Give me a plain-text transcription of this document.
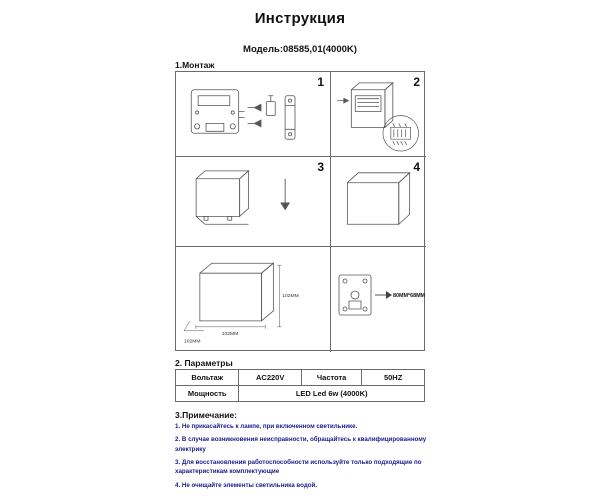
Инструкция
Модель:08585,01(4000K)
1.Монтаж
1	2
3	4
102MM
102MM
102MM
80MM*68MM
2. Параметры
Вольтаж	AC220V	Частота	50HZ
Мощность	LED Led 6w (4000K)		
3.Примечание:
1. Не прикасайтесь к лампе, при включенном светильнике.
2. В случае возникновения неисправности, обращайтесь к квалифицированному электрику
3. Для восстановления работоспособности используйте только подходящие по характеристикам комплектующие
4. Не очищайте элементы светильника водой.
